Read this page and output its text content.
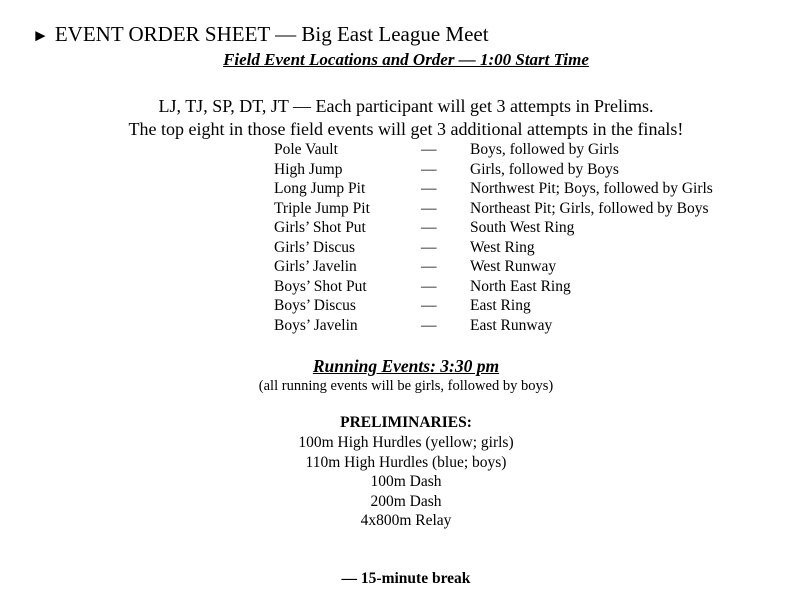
► EVENT ORDER SHEET — Big East League Meet
Field Event Locations and Order — 1:00 Start Time
LJ, TJ, SP, DT, JT — Each participant will get 3 attempts in Prelims.
The top eight in those field events will get 3 additional attempts in the finals!
Pole Vault	— Boys, followed by Girls
High Jump	— Girls, followed by Boys
Long Jump Pit	— Northwest Pit; Boys, followed by Girls
Triple Jump Pit	— Northeast Pit; Girls, followed by Boys
Girls’ Shot Put	— South West Ring
Girls’ Discus	— West Ring
Girls’ Javelin	— West Runway
Boys’ Shot Put	— North East Ring
Boys’ Discus	— East Ring
Boys’ Javelin	— East Runway
Running Events: 3:30 pm
(all running events will be girls, followed by boys)
PRELIMINARIES:
100m High Hurdles (yellow; girls)
110m High Hurdles (blue; boys)
100m Dash
200m Dash
4x800m Relay
— 15-minute break
